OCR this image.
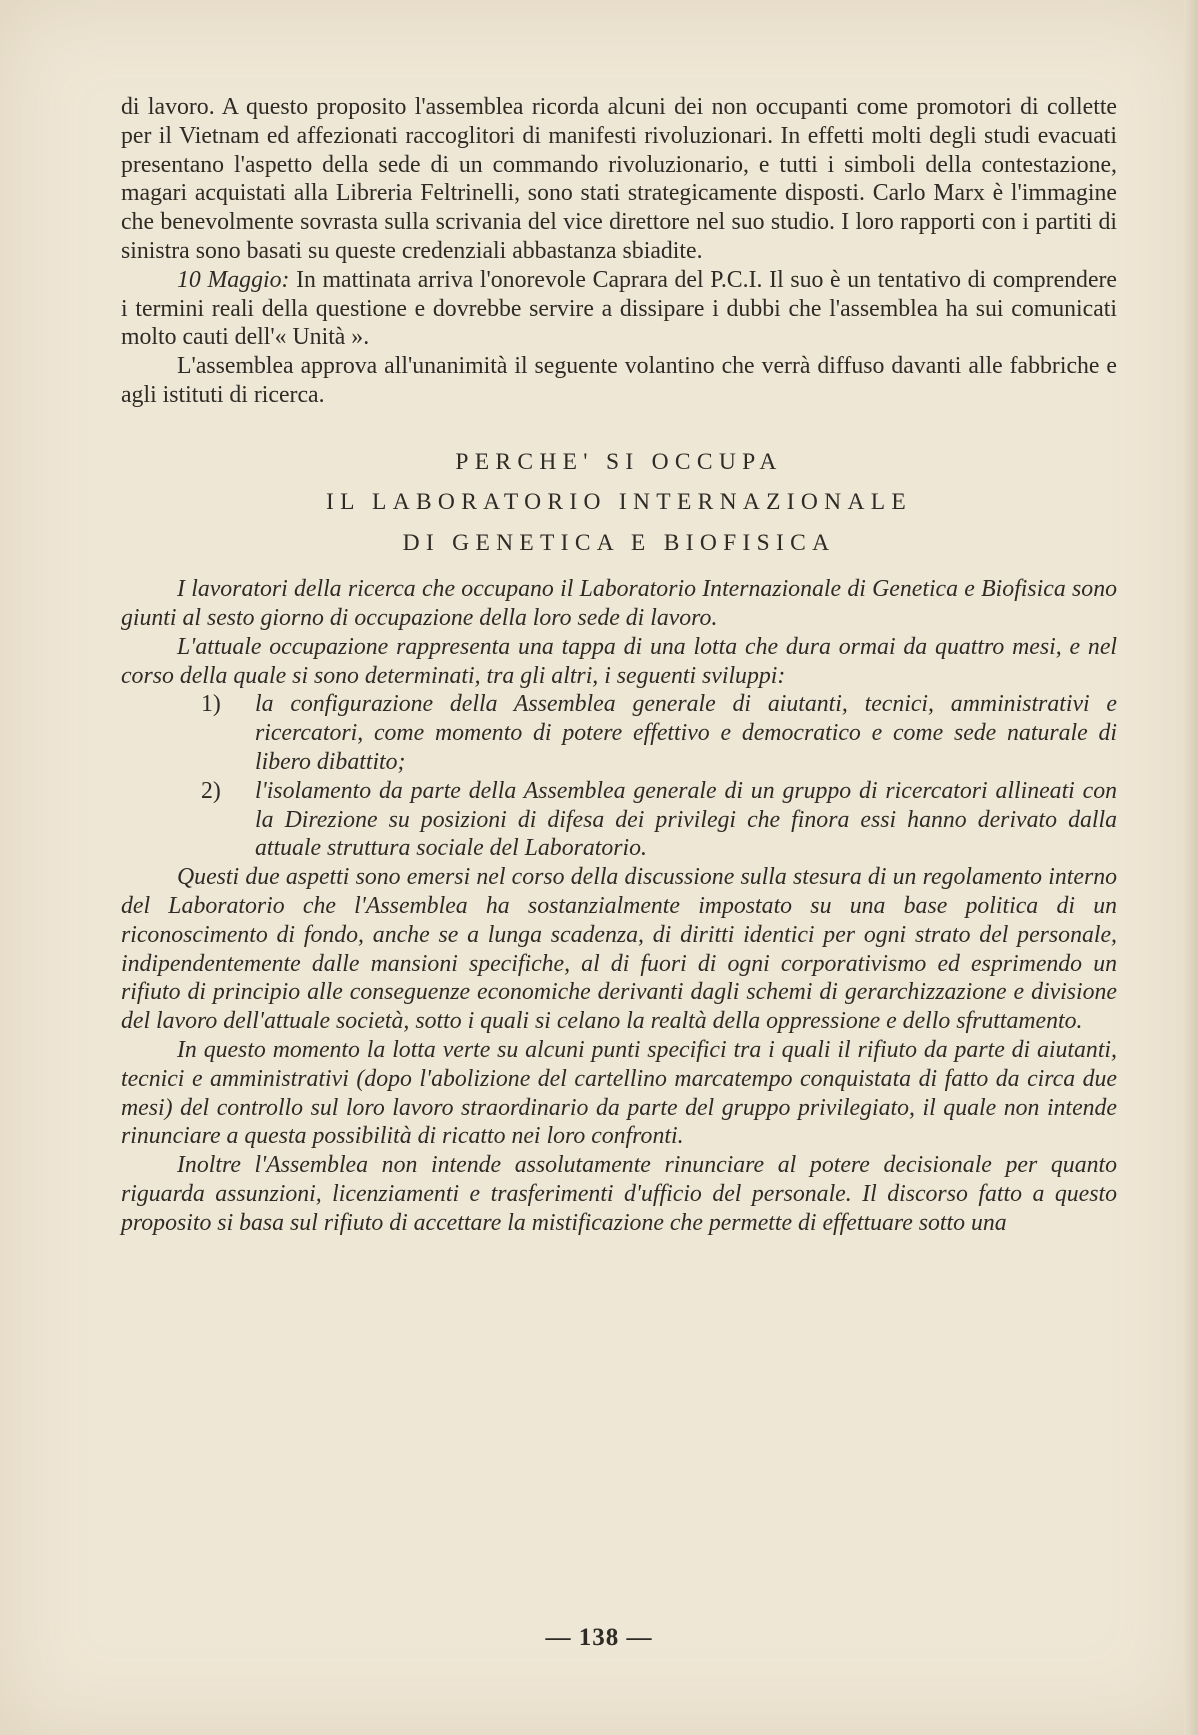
di lavoro. A questo proposito l'assemblea ricorda alcuni dei non occupanti come promotori di collette per il Vietnam ed affezionati raccoglitori di manifesti rivoluzionari. In effetti molti degli studi evacuati presentano l'aspetto della sede di un commando rivoluzionario, e tutti i simboli della contestazione, magari acquistati alla Libreria Feltrinelli, sono stati strategicamente disposti. Carlo Marx è l'immagine che benevolmente sovrasta sulla scrivania del vice direttore nel suo studio. I loro rapporti con i partiti di sinistra sono basati su queste credenziali abbastanza sbiadite.

10 Maggio: In mattinata arriva l'onorevole Caprara del P.C.I. Il suo è un tentativo di comprendere i termini reali della questione e dovrebbe servire a dissipare i dubbi che l'assemblea ha sui comunicati molto cauti dell'« Unità ».

L'assemblea approva all'unanimità il seguente volantino che verrà diffuso davanti alle fabbriche e agli istituti di ricerca.

PERCHE' SI OCCUPA
IL LABORATORIO INTERNAZIONALE
DI GENETICA E BIOFISICA

I lavoratori della ricerca che occupano il Laboratorio Internazionale di Genetica e Biofisica sono giunti al sesto giorno di occupazione della loro sede di lavoro.

L'attuale occupazione rappresenta una tappa di una lotta che dura ormai da quattro mesi, e nel corso della quale si sono determinati, tra gli altri, i seguenti sviluppi:

1) la configurazione della Assemblea generale di aiutanti, tecnici, amministrativi e ricercatori, come momento di potere effettivo e democratico e come sede naturale di libero dibattito;
2) l'isolamento da parte della Assemblea generale di un gruppo di ricercatori allineati con la Direzione su posizioni di difesa dei privilegi che finora essi hanno derivato dalla attuale struttura sociale del Laboratorio.

Questi due aspetti sono emersi nel corso della discussione sulla stesura di un regolamento interno del Laboratorio che l'Assemblea ha sostanzialmente impostato su una base politica di un riconoscimento di fondo, anche se a lunga scadenza, di diritti identici per ogni strato del personale, indipendentemente dalle mansioni specifiche, al di fuori di ogni corporativismo ed esprimendo un rifiuto di principio alle conseguenze economiche derivanti dagli schemi di gerarchizzazione e divisione del lavoro dell'attuale società, sotto i quali si celano la realtà della oppressione e dello sfruttamento.

In questo momento la lotta verte su alcuni punti specifici tra i quali il rifiuto da parte di aiutanti, tecnici e amministrativi (dopo l'abolizione del cartellino marcatempo conquistata di fatto da circa due mesi) del controllo sul loro lavoro straordinario da parte del gruppo privilegiato, il quale non intende rinunciare a questa possibilità di ricatto nei loro confronti.

Inoltre l'Assemblea non intende assolutamente rinunciare al potere decisionale per quanto riguarda assunzioni, licenziamenti e trasferimenti d'ufficio del personale. Il discorso fatto a questo proposito si basa sul rifiuto di accettare la mistificazione che permette di effettuare sotto una

— 138 —
